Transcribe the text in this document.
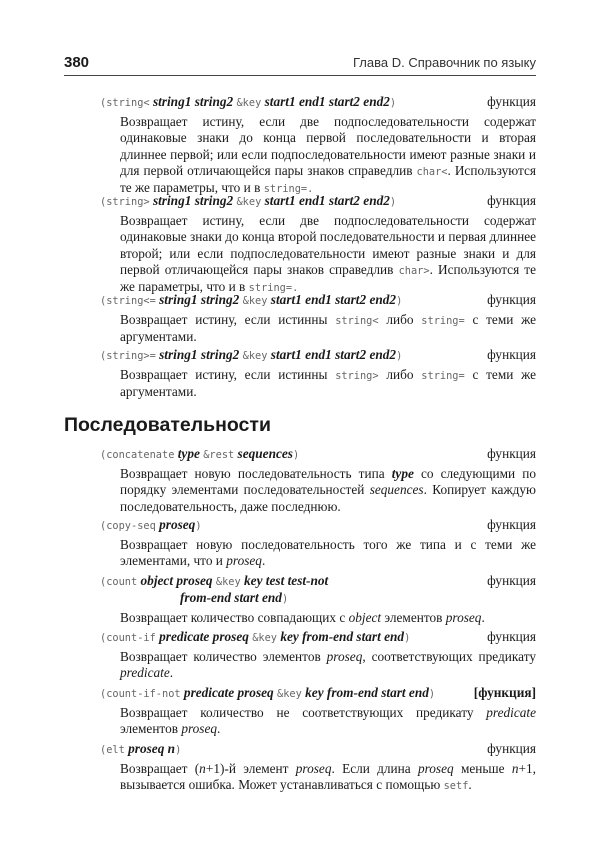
380	Глава D. Справочник по языку
(string< string1 string2 &key start1 end1 start2 end2)	функция
Возвращает истину, если две подпоследовательности содержат одинаковые знаки до конца первой последовательности и вторая длиннее первой; или если подпоследовательности имеют разные знаки и для первой отличающейся пары знаков справедлив char<. Используются те же параметры, что и в string=.
(string> string1 string2 &key start1 end1 start2 end2)	функция
Возвращает истину, если две подпоследовательности содержат одинаковые знаки до конца второй последовательности и первая длиннее второй; или если подпоследовательности имеют разные знаки и для первой отличающейся пары знаков справедлив char>. Используются те же параметры, что и в string=.
(string<= string1 string2 &key start1 end1 start2 end2)	функция
Возвращает истину, если истинны string< либо string= с теми же аргументами.
(string>= string1 string2 &key start1 end1 start2 end2)	функция
Возвращает истину, если истинны string> либо string= с теми же аргументами.
Последовательности
(concatenate type &rest sequences)	функция
Возвращает новую последовательность типа type со следующими по порядку элементами последовательностей sequences. Копирует каждую последовательность, даже последнюю.
(copy-seq proseq)	функция
Возвращает новую последовательность того же типа и с теми же элементами, что и proseq.
(count object proseq &key key test test-not
from-end start end)
функция
Возвращает количество совпадающих с object элементов proseq.
(count-if predicate proseq &key key from-end start end)	функция
Возвращает количество элементов proseq, соответствующих предикату predicate.
(count-if-not predicate proseq &key key from-end start end)	[функция]
Возвращает количество не соответствующих предикату predicate элементов proseq.
(elt proseq n)	функция
Возвращает (n+1)-й элемент proseq. Если длина proseq меньше n+1, вызывается ошибка. Может устанавливаться с помощью setf.
